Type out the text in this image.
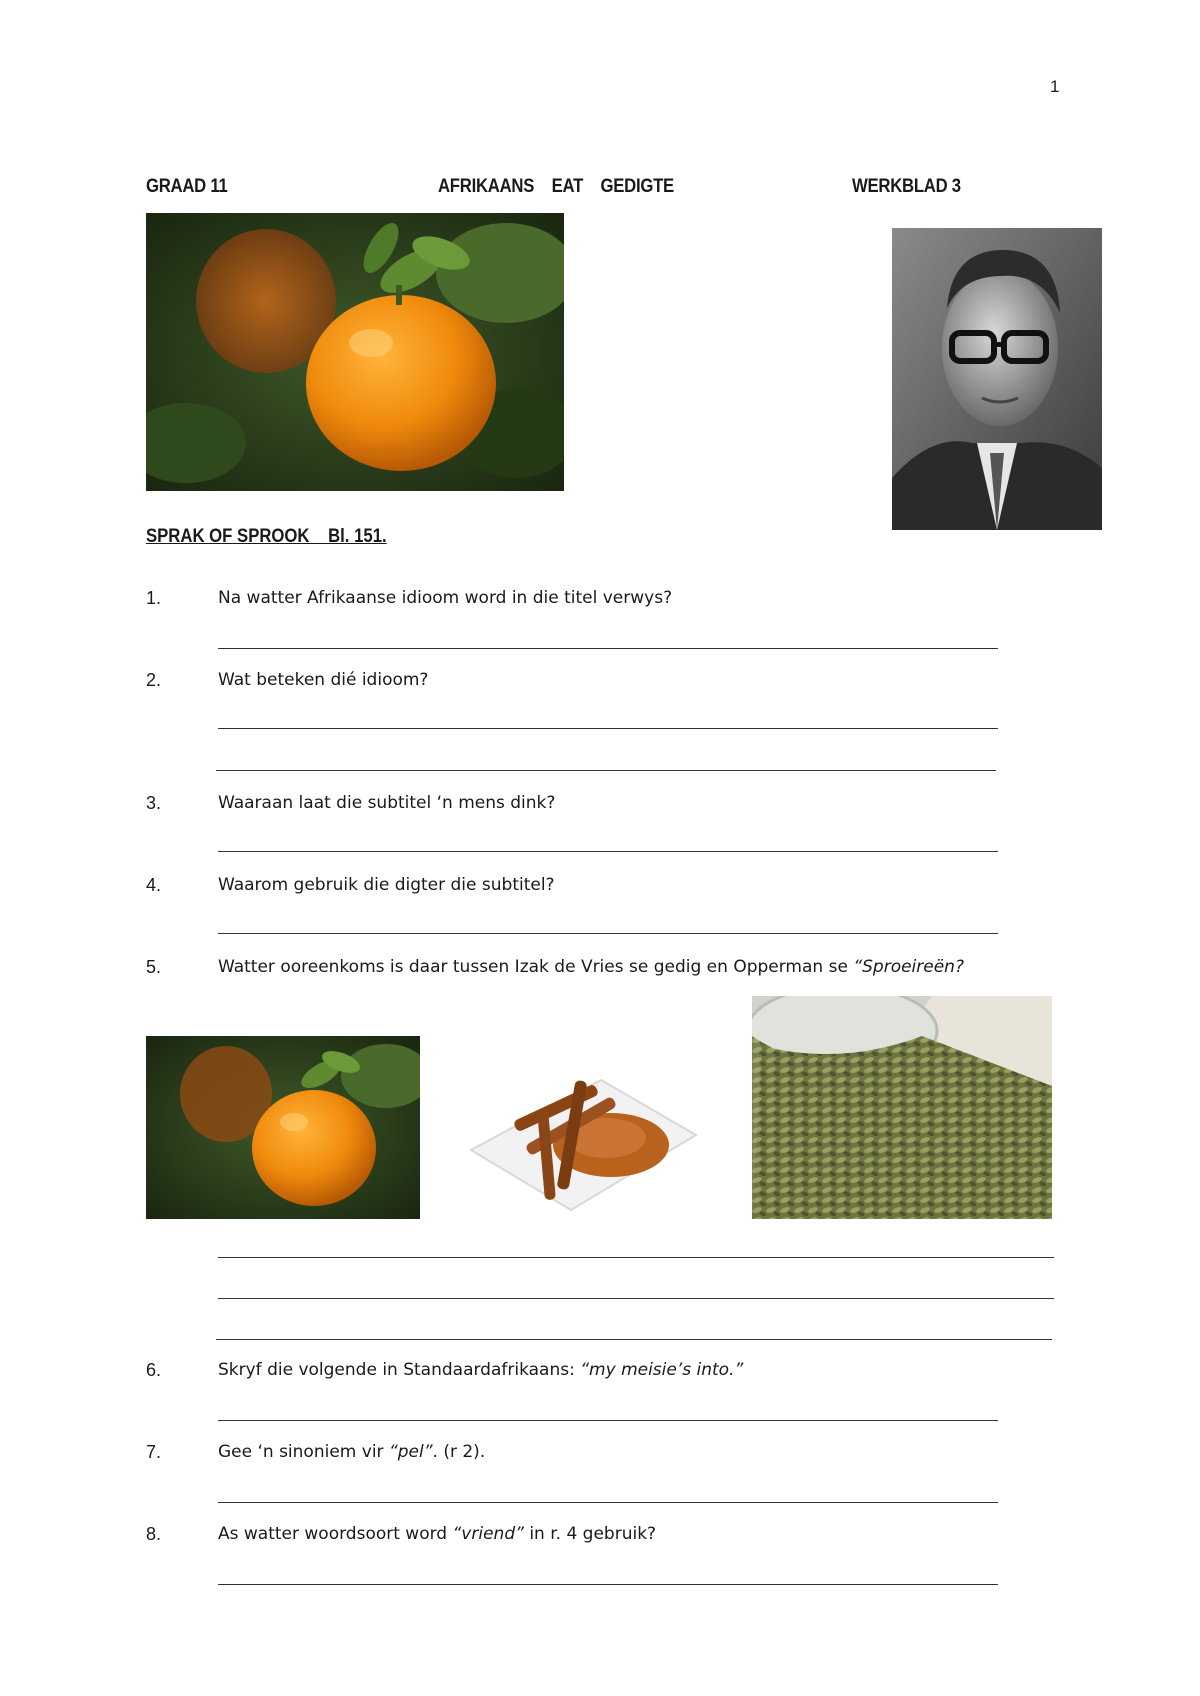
1
GRAAD 11	AFRIKAANS    EAT    GEDIGTE	WERKBLAD 3
SPRAK OF SPROOK    Bl. 151.
1.	Na watter Afrikaanse idioom word in die titel verwys?
2.	Wat beteken dié idioom?
3.	Waaraan laat die subtitel ‘n mens dink?
4.	Waarom gebruik die digter die subtitel?
5.	Watter ooreenkoms is daar tussen Izak de Vries se gedig en Opperman se “Sproeireën?
6.	Skryf die volgende in Standaardafrikaans: “my meisie’s into.”
7.	Gee ‘n sinoniem vir “pel”. (r 2).
8.	As watter woordsoort word “vriend” in r. 4 gebruik?
